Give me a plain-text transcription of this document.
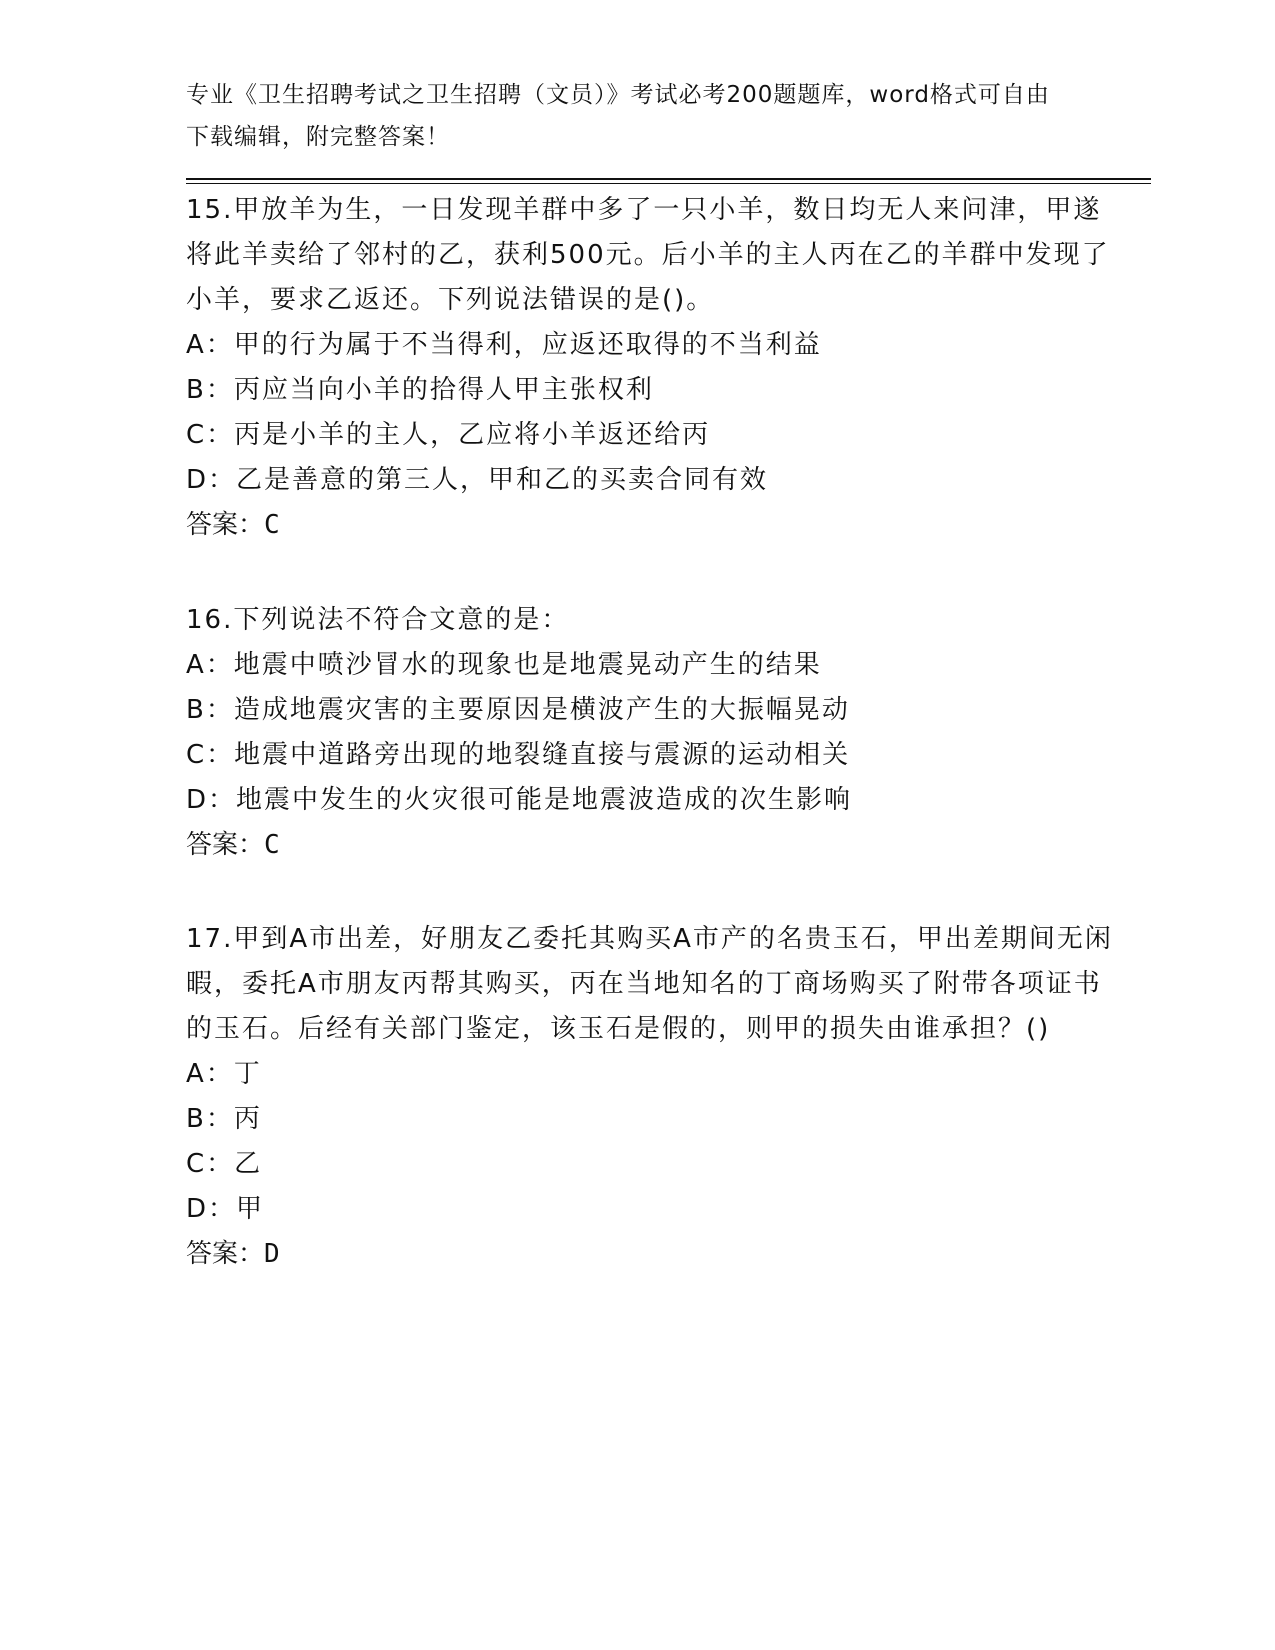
专业《卫生招聘考试之卫生招聘（文员）》考试必考200题题库，word格式可自由下载编辑，附完整答案！

15.甲放羊为生，一日发现羊群中多了一只小羊，数日均无人来问津，甲遂将此羊卖给了邻村的乙，获利500元。后小羊的主人丙在乙的羊群中发现了小羊，要求乙返还。下列说法错误的是()。

A：甲的行为属于不当得利，应返还取得的不当利益

B：丙应当向小羊的拾得人甲主张权利

C：丙是小羊的主人，乙应将小羊返还给丙

D：乙是善意的第三人，甲和乙的买卖合同有效

答案：C

16.下列说法不符合文意的是：

A：地震中喷沙冒水的现象也是地震晃动产生的结果

B：造成地震灾害的主要原因是横波产生的大振幅晃动

C：地震中道路旁出现的地裂缝直接与震源的运动相关

D：地震中发生的火灾很可能是地震波造成的次生影响

答案：C

17.甲到A市出差，好朋友乙委托其购买A市产的名贵玉石，甲出差期间无闲暇，委托A市朋友丙帮其购买，丙在当地知名的丁商场购买了附带各项证书的玉石。后经有关部门鉴定，该玉石是假的，则甲的损失由谁承担？()

A：丁

B：丙

C：乙

D：甲

答案：D
